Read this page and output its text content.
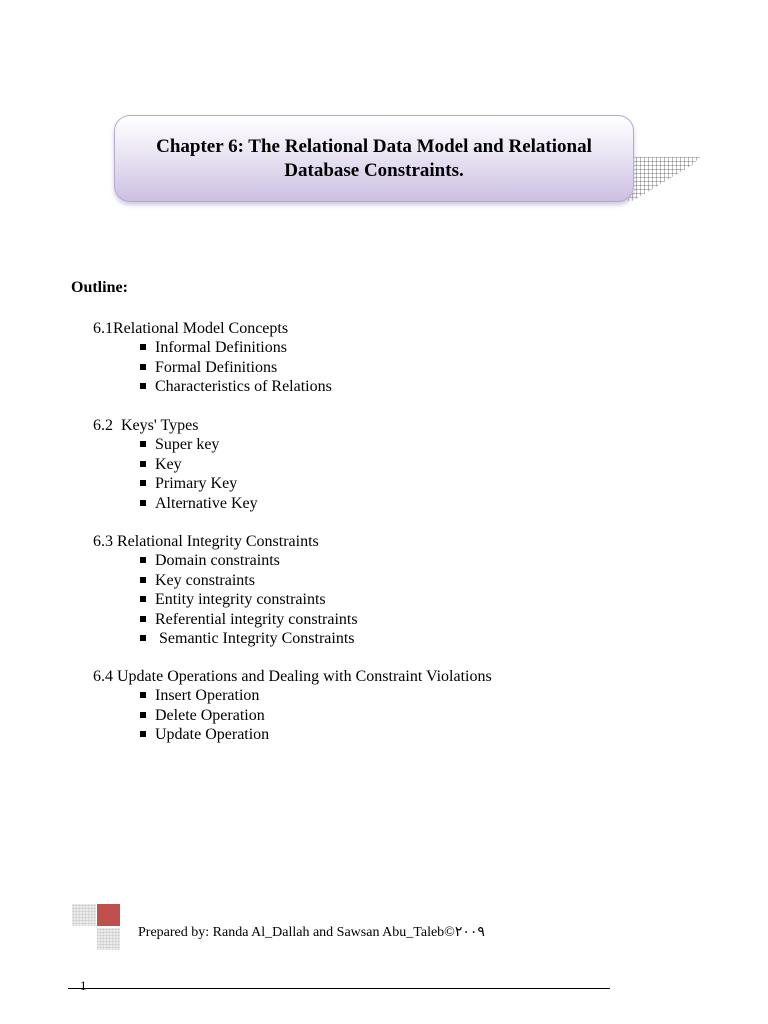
Chapter 6: The Relational Data Model and Relational
Database Constraints.
Outline:
6.1Relational Model Concepts
Informal Definitions
Formal Definitions
Characteristics of Relations
6.2  Keys' Types
Super key
Key
Primary Key
Alternative Key
6.3 Relational Integrity Constraints
Domain constraints
Key constraints
Entity integrity constraints
Referential integrity constraints
Semantic Integrity Constraints
6.4 Update Operations and Dealing with Constraint Violations
Insert Operation
Delete Operation
Update Operation
Prepared by: Randa Al_Dallah and Sawsan Abu_Taleb©٢٠٠٩
1
